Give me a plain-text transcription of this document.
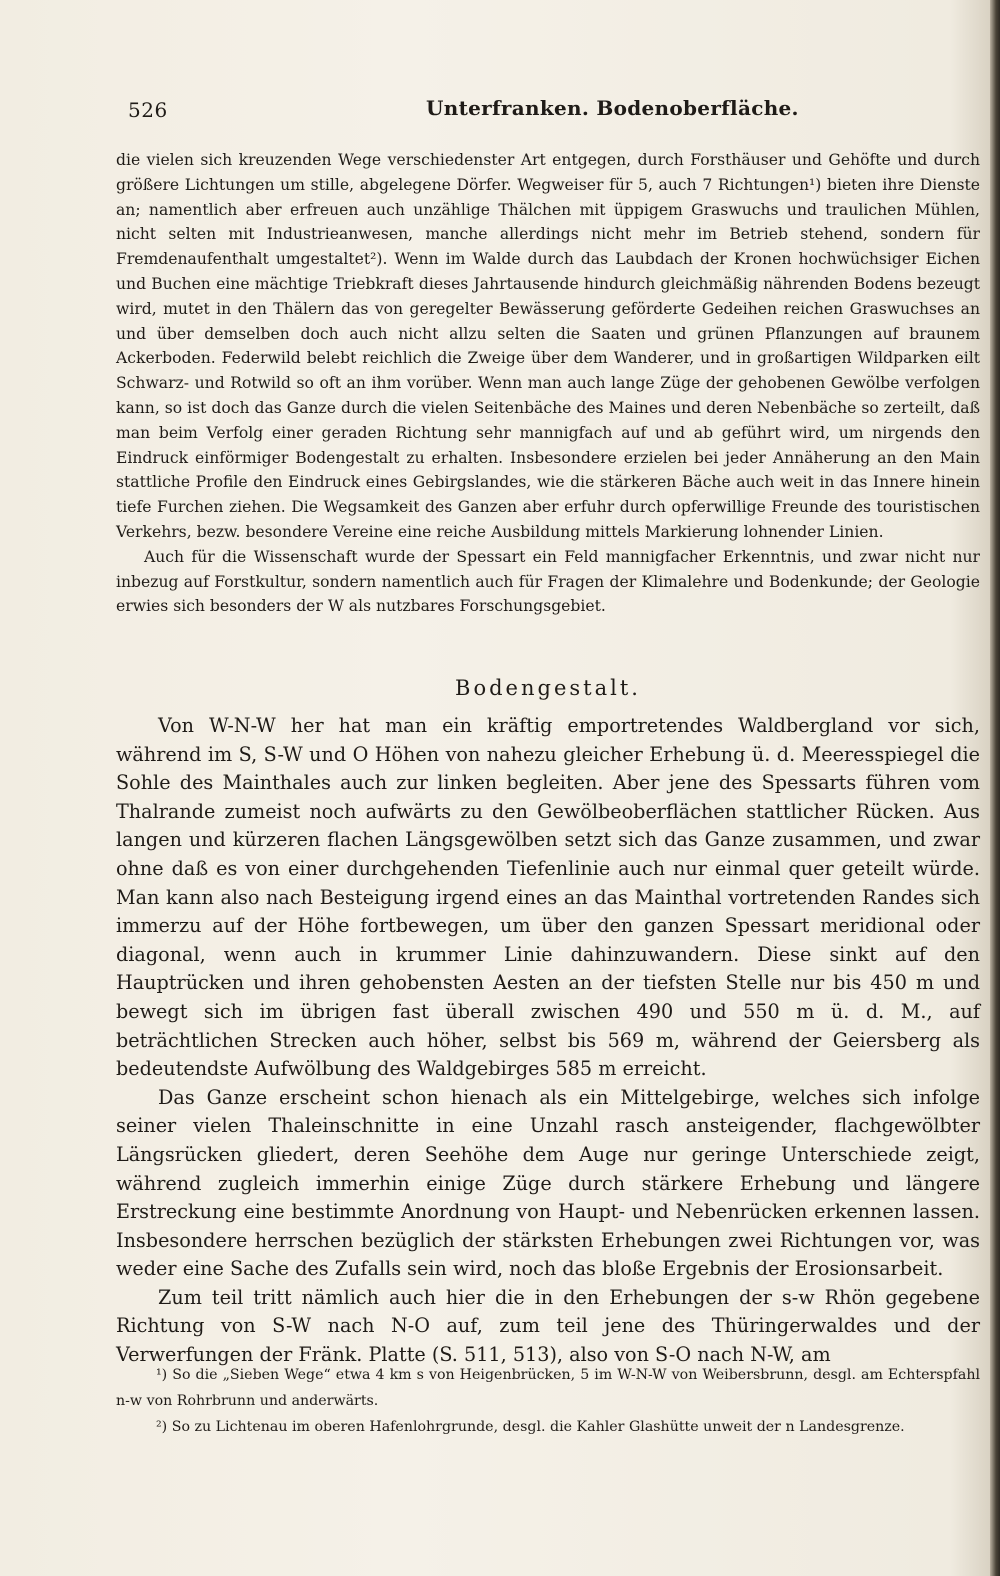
526	Unterfranken. Bodenoberfläche.

die vielen sich kreuzenden Wege verschiedenster Art entgegen, durch Forsthäuser und Gehöfte und durch größere Lichtungen um stille, abgelegene Dörfer. Wegweiser für 5, auch 7 Richtungen¹) bieten ihre Dienste an; namentlich aber erfreuen auch unzählige Thälchen mit üppigem Graswuchs und traulichen Mühlen, nicht selten mit Industrieanwesen, manche allerdings nicht mehr im Betrieb stehend, sondern für Fremdenaufenthalt umgestaltet²). Wenn im Walde durch das Laubdach der Kronen hochwüchsiger Eichen und Buchen eine mächtige Triebkraft dieses Jahrtausende hindurch gleichmäßig nährenden Bodens bezeugt wird, mutet in den Thälern das von geregelter Bewässerung geförderte Gedeihen reichen Graswuchses an und über demselben doch auch nicht allzu selten die Saaten und grünen Pflanzungen auf braunem Ackerboden. Federwild belebt reichlich die Zweige über dem Wanderer, und in großartigen Wildparken eilt Schwarz- und Rotwild so oft an ihm vorüber. Wenn man auch lange Züge der gehobenen Gewölbe verfolgen kann, so ist doch das Ganze durch die vielen Seitenbäche des Maines und deren Nebenbäche so zerteilt, daß man beim Verfolg einer geraden Richtung sehr mannigfach auf und ab geführt wird, um nirgends den Eindruck einförmiger Bodengestalt zu erhalten. Insbesondere erzielen bei jeder Annäherung an den Main stattliche Profile den Eindruck eines Gebirgslandes, wie die stärkeren Bäche auch weit in das Innere hinein tiefe Furchen ziehen. Die Wegsamkeit des Ganzen aber erfuhr durch opferwillige Freunde des touristischen Verkehrs, bezw. besondere Vereine eine reiche Ausbildung mittels Markierung lohnender Linien.

Auch für die Wissenschaft wurde der Spessart ein Feld mannigfacher Erkenntnis, und zwar nicht nur inbezug auf Forstkultur, sondern namentlich auch für Fragen der Klimalehre und Bodenkunde; der Geologie erwies sich besonders der W als nutzbares Forschungsgebiet.

Bodengestalt.

Von W-N-W her hat man ein kräftig emportretendes Waldbergland vor sich, während im S, S-W und O Höhen von nahezu gleicher Erhebung ü. d. Meeresspiegel die Sohle des Mainthales auch zur linken begleiten. Aber jene des Spessarts führen vom Thalrande zumeist noch aufwärts zu den Gewölbeoberflächen stattlicher Rücken. Aus langen und kürzeren flachen Längsgewölben setzt sich das Ganze zusammen, und zwar ohne daß es von einer durchgehenden Tiefenlinie auch nur einmal quer geteilt würde. Man kann also nach Besteigung irgend eines an das Mainthal vortretenden Randes sich immerzu auf der Höhe fortbewegen, um über den ganzen Spessart meridional oder diagonal, wenn auch in krummer Linie dahinzuwandern. Diese sinkt auf den Hauptrücken und ihren gehobensten Aesten an der tiefsten Stelle nur bis 450 m und bewegt sich im übrigen fast überall zwischen 490 und 550 m ü. d. M., auf beträchtlichen Strecken auch höher, selbst bis 569 m, während der Geiersberg als bedeutendste Aufwölbung des Waldgebirges 585 m erreicht.

Das Ganze erscheint schon hienach als ein Mittelgebirge, welches sich infolge seiner vielen Thaleinschnitte in eine Unzahl rasch ansteigender, flachgewölbter Längsrücken gliedert, deren Seehöhe dem Auge nur geringe Unterschiede zeigt, während zugleich immerhin einige Züge durch stärkere Erhebung und längere Erstreckung eine bestimmte Anordnung von Haupt- und Nebenrücken erkennen lassen. Insbesondere herrschen bezüglich der stärksten Erhebungen zwei Richtungen vor, was weder eine Sache des Zufalls sein wird, noch das bloße Ergebnis der Erosionsarbeit.

Zum teil tritt nämlich auch hier die in den Erhebungen der s-w Rhön gegebene Richtung von S-W nach N-O auf, zum teil jene des Thüringerwaldes und der Verwerfungen der Fränk. Platte (S. 511, 513), also von S-O nach N-W, am

¹) So die „Sieben Wege“ etwa 4 km s von Heigenbrücken, 5 im W-N-W von Weibersbrunn, desgl. am Echterspfahl n-w von Rohrbrunn und anderwärts.

²) So zu Lichtenau im oberen Hafenlohrgrunde, desgl. die Kahler Glashütte unweit der n Landesgrenze.
